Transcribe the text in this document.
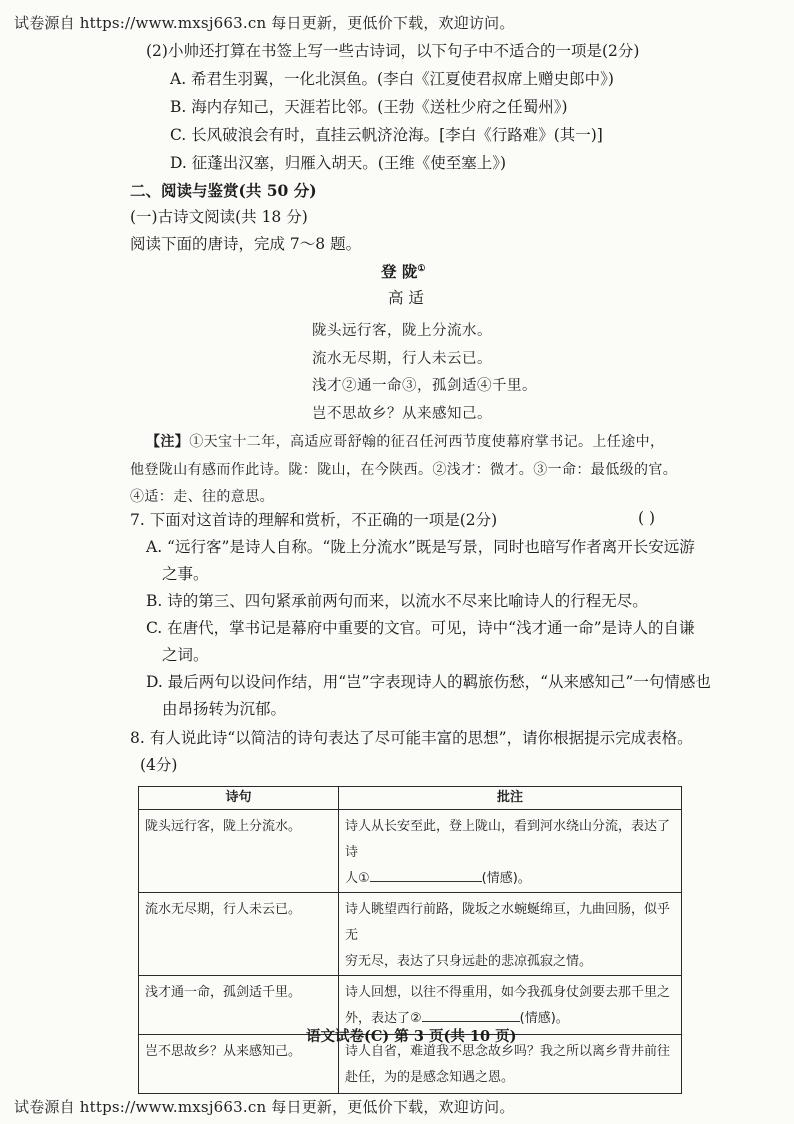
试卷源自 https://www.mxsj663.cn 每日更新，更低价下载，欢迎访问。
(2)小帅还打算在书签上写一些古诗词，以下句子中不适合的一项是(2分)
A. 希君生羽翼，一化北溟鱼。(李白《江夏使君叔席上赠史郎中》)
B. 海内存知己，天涯若比邻。(王勃《送杜少府之任蜀州》)
C. 长风破浪会有时，直挂云帆济沧海。[李白《行路难》(其一)]
D. 征蓬出汉塞，归雁入胡天。(王维《使至塞上》)
二、阅读与鉴赏(共 50 分)
(一)古诗文阅读(共 18 分)
阅读下面的唐诗，完成 7～8 题。
登 陇①
高 适
陇头远行客，陇上分流水。
流水无尽期，行人未云已。
浅才②通一命③，孤剑适④千里。
岂不思故乡？从来感知己。
【注】①天宝十二年，高适应哥舒翰的征召任河西节度使幕府掌书记。上任途中，
他登陇山有感而作此诗。陇：陇山，在今陕西。②浅才：微才。③一命：最低级的官。
④适：走、往的意思。
7. 下面对这首诗的理解和赏析，不正确的一项是(2分)	( )
A. “远行客”是诗人自称。“陇上分流水”既是写景，同时也暗写作者离开长安远游
之事。
B. 诗的第三、四句紧承前两句而来，以流水不尽来比喻诗人的行程无尽。
C. 在唐代，掌书记是幕府中重要的文官。可见，诗中“浅才通一命”是诗人的自谦
之词。
D. 最后两句以设问作结，用“岂”字表现诗人的羁旅伤愁，“从来感知己”一句情感也
由昂扬转为沉郁。
8. 有人说此诗“以简洁的诗句表达了尽可能丰富的思想”，请你根据提示完成表格。
(4分)
诗句	批注
陇头远行客，陇上分流水。	诗人从长安至此，登上陇山，看到河水绕山分流，表达了诗
人① (情感)。

流水无尽期，行人未云已。	诗人眺望西行前路，陇坂之水蜿蜒绵亘，九曲回肠，似乎无
穷无尽，表达了只身远赴的悲凉孤寂之情。

浅才通一命，孤剑适千里。	诗人回想，以往不得重用，如今我孤身仗剑要去那千里之
外，表达了② (情感)。

岂不思故乡？从来感知己。	诗人自省，难道我不思念故乡吗？我之所以离乡背井前往
赴任，为的是感念知遇之恩。
语文试卷(C) 第 3 页(共 10 页)
试卷源自 https://www.mxsj663.cn 每日更新，更低价下载，欢迎访问。
